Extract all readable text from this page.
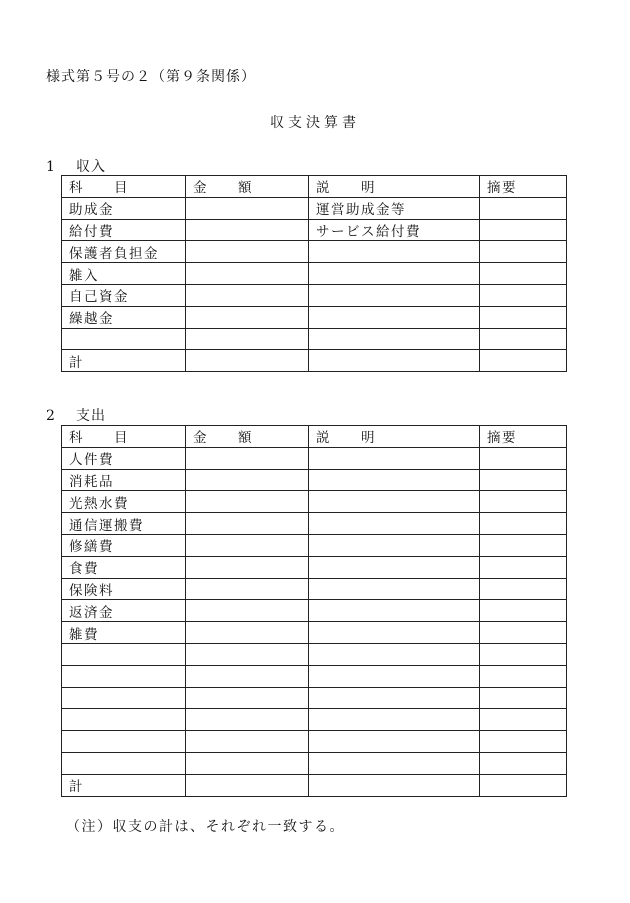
様式第５号の２（第９条関係）
収支決算書
1 収入
科　　目	金　　額	説　　明	摘要
助成金		運営助成金等	
給付費		サービス給付費	
保護者負担金			
雑入			
自己資金			
繰越金			

計			
2 支出
科　　目	金　　額	説　　明	摘要
人件費			
消耗品			
光熱水費			
通信運搬費			
修繕費			
食費			
保険料			
返済金			
雑費			

計			
（注）収支の計は、それぞれ一致する。
